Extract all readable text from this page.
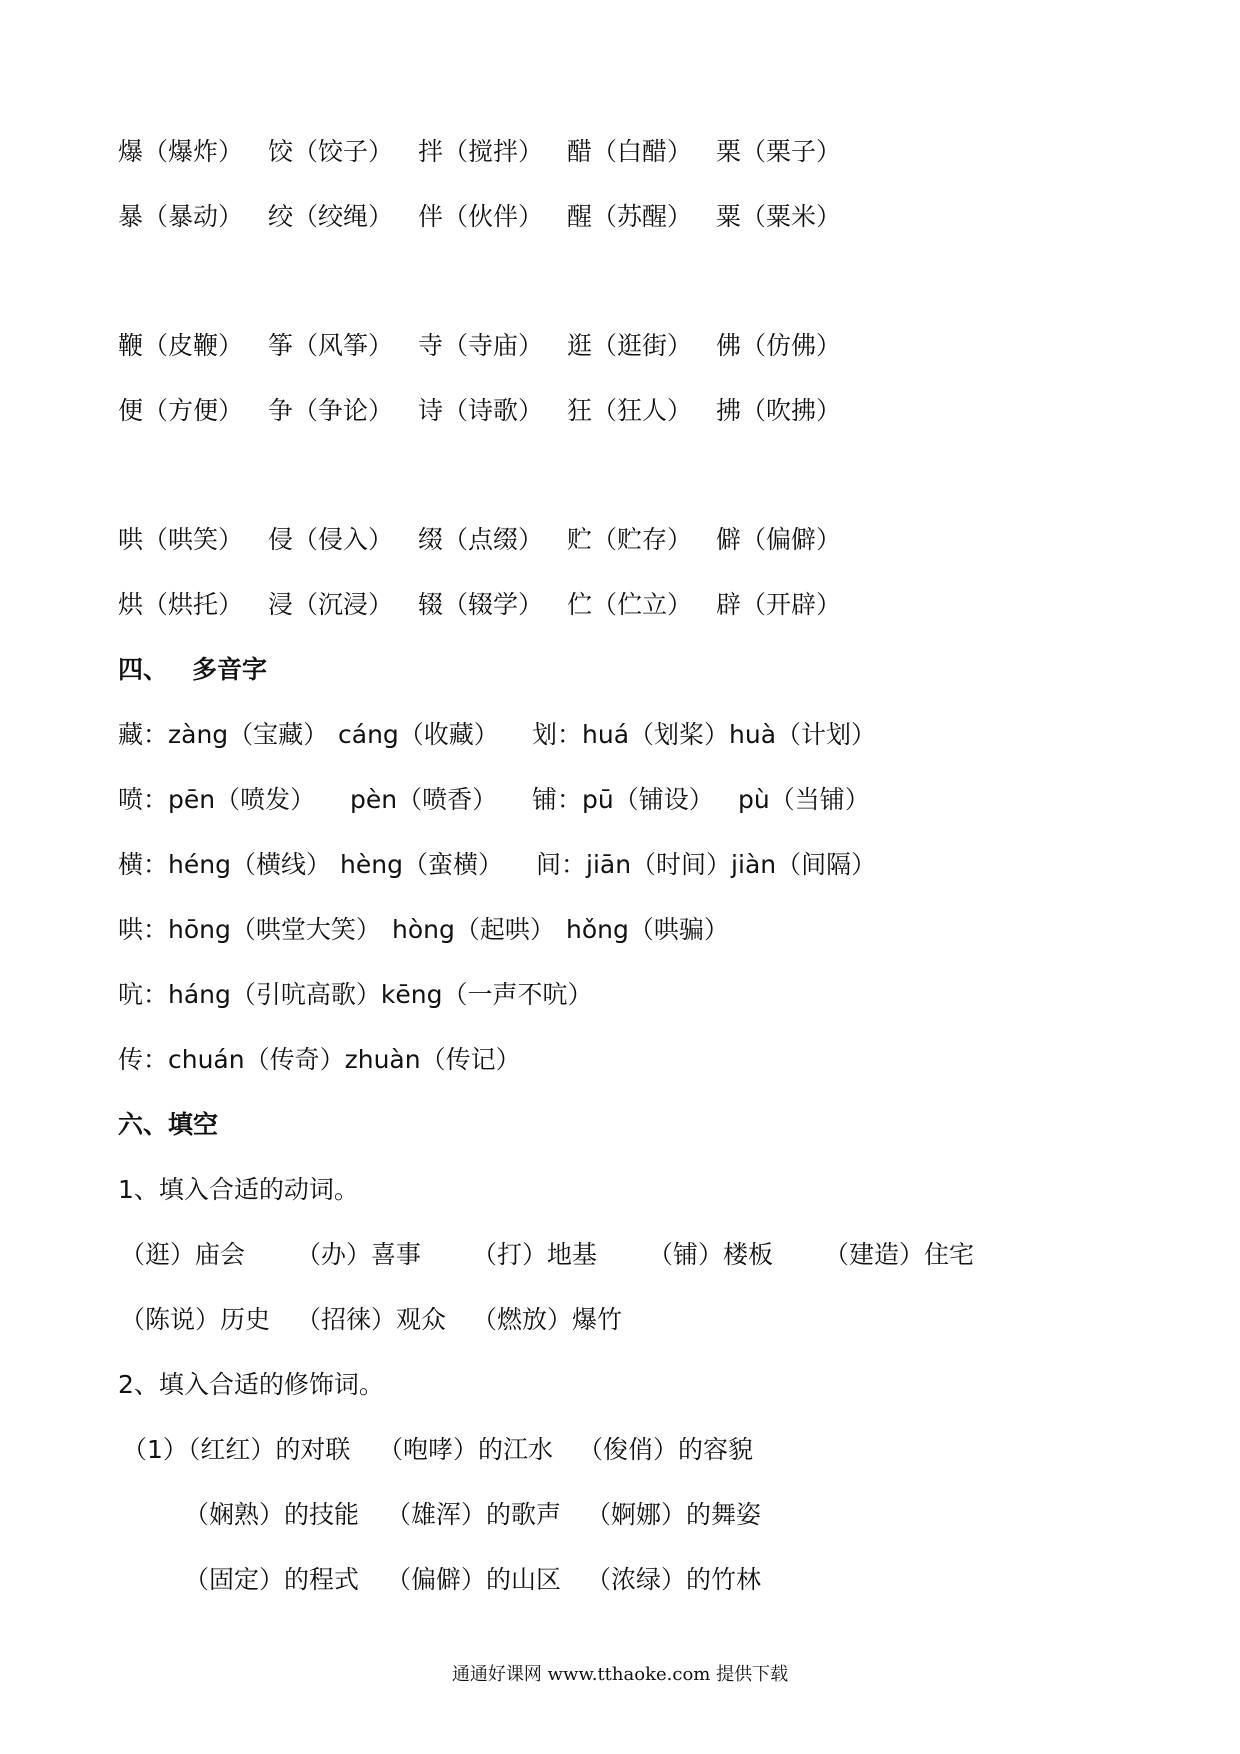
爆（爆炸） 饺（饺子） 拌（搅拌） 醋（白醋） 栗（栗子）
暴（暴动） 绞（绞绳） 伴（伙伴） 醒（苏醒） 粟（粟米）
鞭（皮鞭） 筝（风筝） 寺（寺庙） 逛（逛街） 佛（仿佛）
便（方便） 争（争论） 诗（诗歌） 狂（狂人） 拂（吹拂）
哄（哄笑） 侵（侵入） 缀（点缀） 贮（贮存） 僻（偏僻）
烘（烘托） 浸（沉浸） 辍（辍学） 伫（伫立） 辟（开辟）
四、 多音字
藏：zàng（宝藏） cáng（收藏） 划：huá（划桨）huà（计划）
喷：pēn（喷发） pèn（喷香） 铺：pū（铺设） pù（当铺）
横：héng（横线） hèng（蛮横） 间：jiān（时间）jiàn（间隔）
哄：hōng（哄堂大笑） hòng（起哄） hǒng（哄骗）
吭：háng（引吭高歌）kēng（一声不吭）
传：chuán（传奇）zhuàn（传记）
六、填空
1、填入合适的动词。
（逛）庙会 （办）喜事 （打）地基 （铺）楼板 （建造）住宅
（陈说）历史 （招徕）观众 （燃放）爆竹
2、填入合适的修饰词。
（1）（红红）的对联 （咆哮）的江水 （俊俏）的容貌
（娴熟）的技能 （雄浑）的歌声 （婀娜）的舞姿
（固定）的程式 （偏僻）的山区 （浓绿）的竹林
通通好课网 www.tthaoke.com 提供下载
